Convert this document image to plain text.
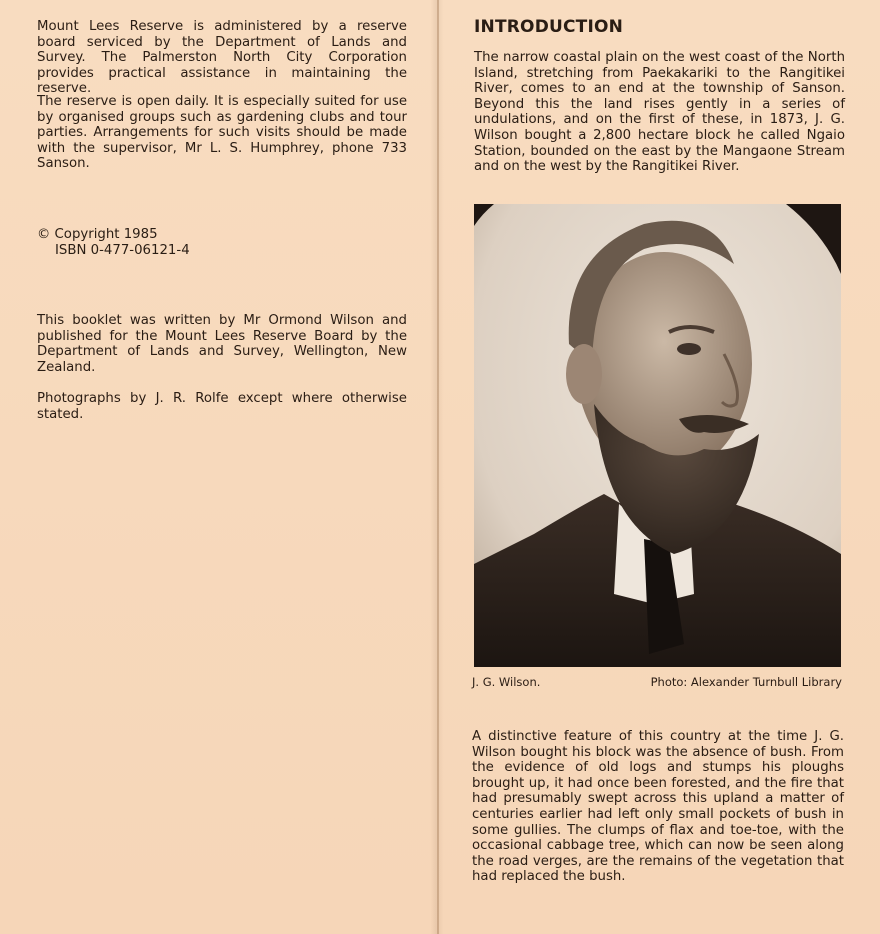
Mount Lees Reserve is administered by a reserve board serviced by the Department of Lands and Survey. The Palmerston North City Corporation provides practical assistance in maintaining the reserve.

The reserve is open daily. It is especially suited for use by organised groups such as gardening clubs and tour parties. Arrangements for such visits should be made with the supervisor, Mr L. S. Humphrey, phone 733 Sanson.

© Copyright 1985
ISBN 0-477-06121-4

This booklet was written by Mr Ormond Wilson and published for the Mount Lees Reserve Board by the Department of Lands and Survey, Wellington, New Zealand.

Photographs by J. R. Rolfe except where otherwise stated.

INTRODUCTION

The narrow coastal plain on the west coast of the North Island, stretching from Paekakariki to the Rangitikei River, comes to an end at the township of Sanson. Beyond this the land rises gently in a series of undulations, and on the first of these, in 1873, J. G. Wilson bought a 2,800 hectare block he called Ngaio Station, bounded on the east by the Mangaone Stream and on the west by the Rangitikei River.

J. G. Wilson.	Photo: Alexander Turnbull Library

A distinctive feature of this country at the time J. G. Wilson bought his block was the absence of bush. From the evidence of old logs and stumps his ploughs brought up, it had once been forested, and the fire that had presumably swept across this upland a matter of centuries earlier had left only small pockets of bush in some gullies. The clumps of flax and toe-toe, with the occasional cabbage tree, which can now be seen along the road verges, are the remains of the vegetation that had replaced the bush.
